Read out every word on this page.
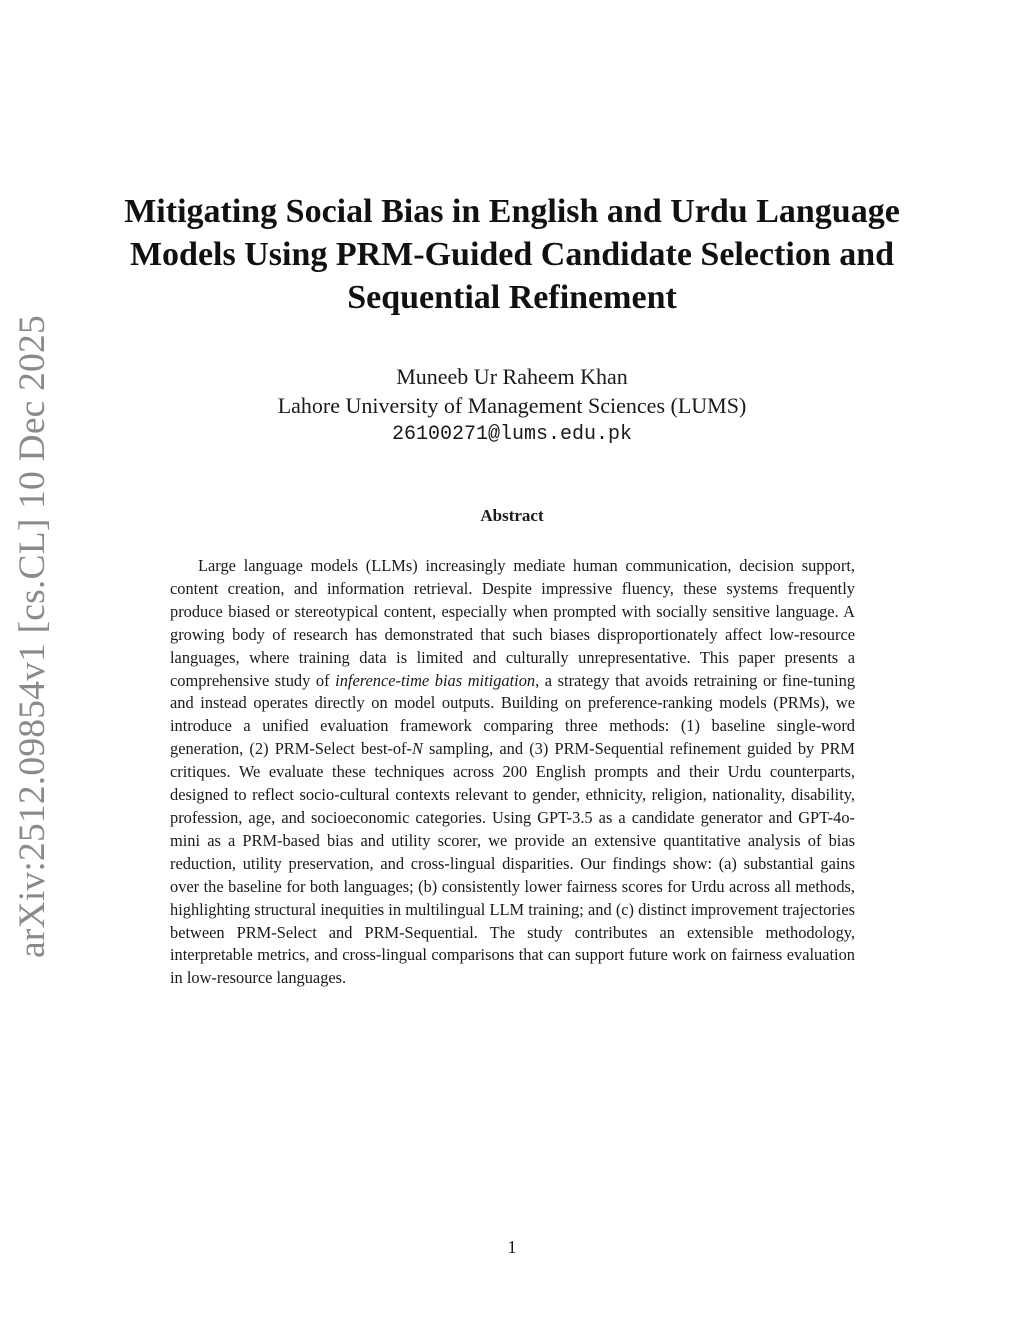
arXiv:2512.09854v1 [cs.CL] 10 Dec 2025
Mitigating Social Bias in English and Urdu Language Models Using PRM-Guided Candidate Selection and Sequential Refinement
Muneeb Ur Raheem Khan
Lahore University of Management Sciences (LUMS)
26100271@lums.edu.pk
Abstract

Large language models (LLMs) increasingly mediate human communication, decision support, content creation, and information retrieval. Despite impressive fluency, these systems frequently produce biased or stereotypical content, especially when prompted with socially sensitive language. A growing body of research has demonstrated that such biases disproportionately affect low-resource languages, where training data is limited and culturally unrepresentative. This paper presents a comprehensive study of inference-time bias mitigation, a strategy that avoids retraining or fine-tuning and instead operates directly on model outputs. Building on preference-ranking models (PRMs), we introduce a unified evaluation framework comparing three methods: (1) baseline single-word generation, (2) PRM-Select best-of-N sampling, and (3) PRM-Sequential refinement guided by PRM critiques. We evaluate these techniques across 200 English prompts and their Urdu counterparts, designed to reflect socio-cultural contexts relevant to gender, ethnicity, religion, nationality, disability, profession, age, and socioeconomic categories. Using GPT-3.5 as a candidate generator and GPT-4o-mini as a PRM-based bias and utility scorer, we provide an extensive quantitative analysis of bias reduction, utility preservation, and cross-lingual disparities. Our findings show: (a) substantial gains over the baseline for both languages; (b) consistently lower fairness scores for Urdu across all methods, highlighting structural inequities in multilingual LLM training; and (c) distinct improvement trajectories between PRM-Select and PRM-Sequential. The study contributes an extensible methodology, interpretable metrics, and cross-lingual comparisons that can support future work on fairness evaluation in low-resource languages.

1
